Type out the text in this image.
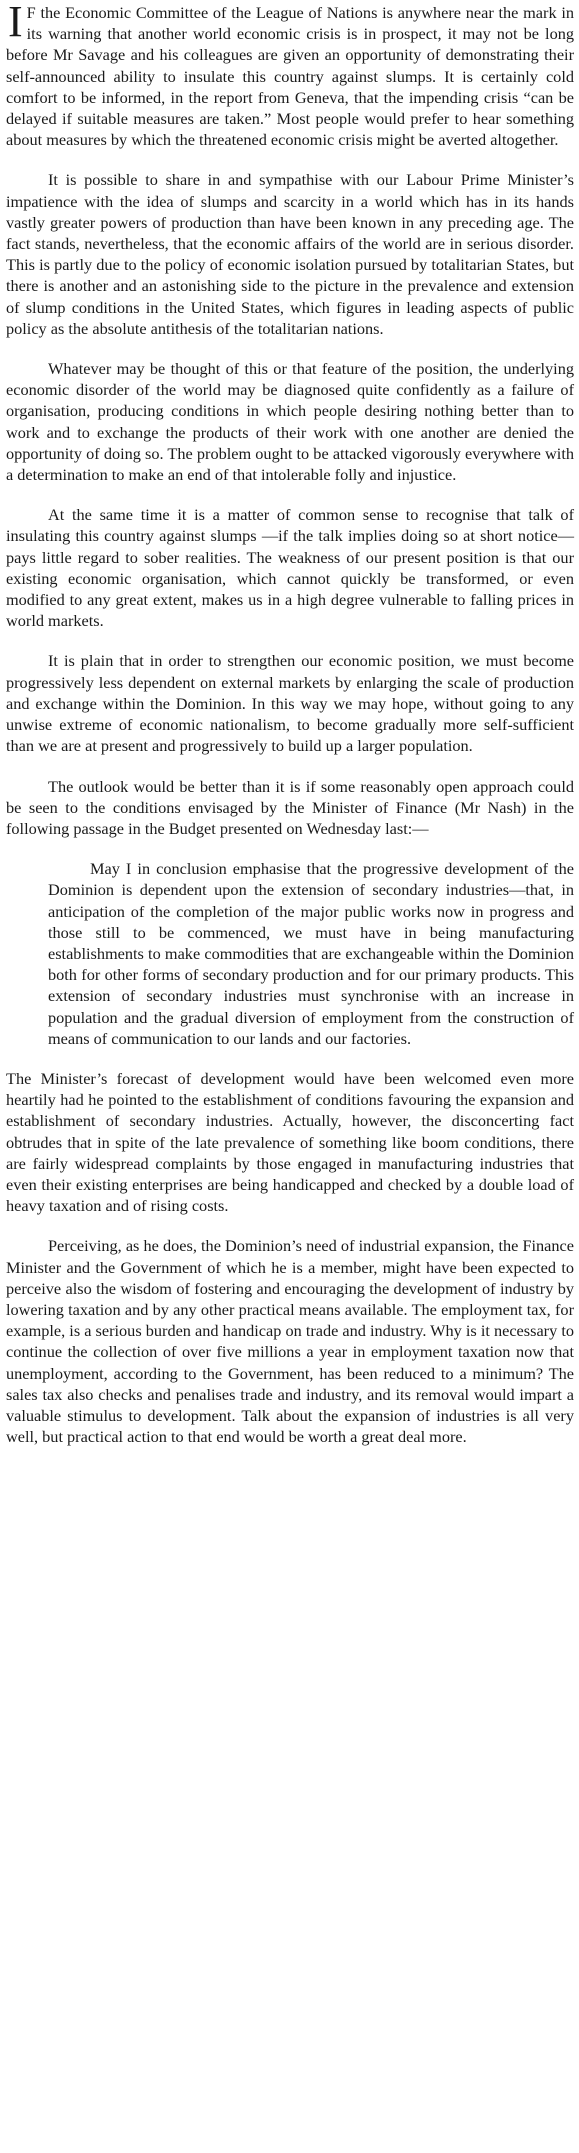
I F the Economic Committee of the League of Nations is anywhere near the mark in its warning that another world economic crisis is in prospect, it may not be long before Mr Savage and his colleagues are given an opportunity of demonstrating their self-announced ability to insulate this country against slumps. It is certainly cold comfort to be informed, in the report from Geneva, that the impending crisis “can be delayed if suitable measures are taken.” Most people would prefer to hear something about measures by which the threatened economic crisis might be averted altogether.

It is possible to share in and sympathise with our Labour Prime Minister’s impatience with the idea of slumps and scarcity in a world which has in its hands vastly greater powers of production than have been known in any preceding age. The fact stands, nevertheless, that the economic affairs of the world are in serious disorder. This is partly due to the policy of economic isolation pursued by totalitarian States, but there is another and an astonishing side to the picture in the prevalence and extension of slump conditions in the United States, which figures in leading aspects of public policy as the absolute antithesis of the totalitarian nations.

Whatever may be thought of this or that feature of the position, the underlying economic disorder of the world may be diagnosed quite confidently as a failure of organisation, producing conditions in which people desiring nothing better than to work and to exchange the products of their work with one another are denied the opportunity of doing so. The problem ought to be attacked vigorously everywhere with a determination to make an end of that intolerable folly and injustice.

At the same time it is a matter of common sense to recognise that talk of insulating this country against slumps —if the talk implies doing so at short notice—pays little regard to sober realities. The weakness of our present position is that our existing economic organisation, which cannot quickly be transformed, or even modified to any great extent, makes us in a high degree vulnerable to falling prices in world markets.

It is plain that in order to strengthen our economic position, we must become progressively less dependent on external markets by enlarging the scale of production and exchange within the Dominion. In this way we may hope, without going to any unwise extreme of economic nationalism, to become gradually more self-sufficient than we are at present and progressively to build up a larger population.

The outlook would be better than it is if some reasonably open approach could be seen to the conditions envisaged by the Minister of Finance (Mr Nash) in the following passage in the Budget presented on Wednesday last:—

May I in conclusion emphasise that the progressive development of the Dominion is dependent upon the extension of secondary industries—that, in anticipation of the completion of the major public works now in progress and those still to be commenced, we must have in being manufacturing establishments to make commodities that are exchangeable within the Dominion both for other forms of secondary production and for our primary products. This extension of secondary industries must synchronise with an increase in population and the gradual diversion of employment from the construction of means of communication to our lands and our factories.

The Minister’s forecast of development would have been welcomed even more heartily had he pointed to the establishment of conditions favouring the expansion and establishment of secondary industries. Actually, however, the disconcerting fact obtrudes that in spite of the late prevalence of something like boom conditions, there are fairly widespread complaints by those engaged in manufacturing industries that even their existing enterprises are being handicapped and checked by a double load of heavy taxation and of rising costs.

Perceiving, as he does, the Dominion’s need of industrial expansion, the Finance Minister and the Government of which he is a member, might have been expected to perceive also the wisdom of fostering and encouraging the development of industry by lowering taxation and by any other practical means available. The employment tax, for example, is a serious burden and handicap on trade and industry. Why is it necessary to continue the collection of over five millions a year in employment taxation now that unemployment, according to the Government, has been reduced to a minimum? The sales tax also checks and penalises trade and industry, and its removal would impart a valuable stimulus to development. Talk about the expansion of industries is all very well, but practical action to that end would be worth a great deal more.
